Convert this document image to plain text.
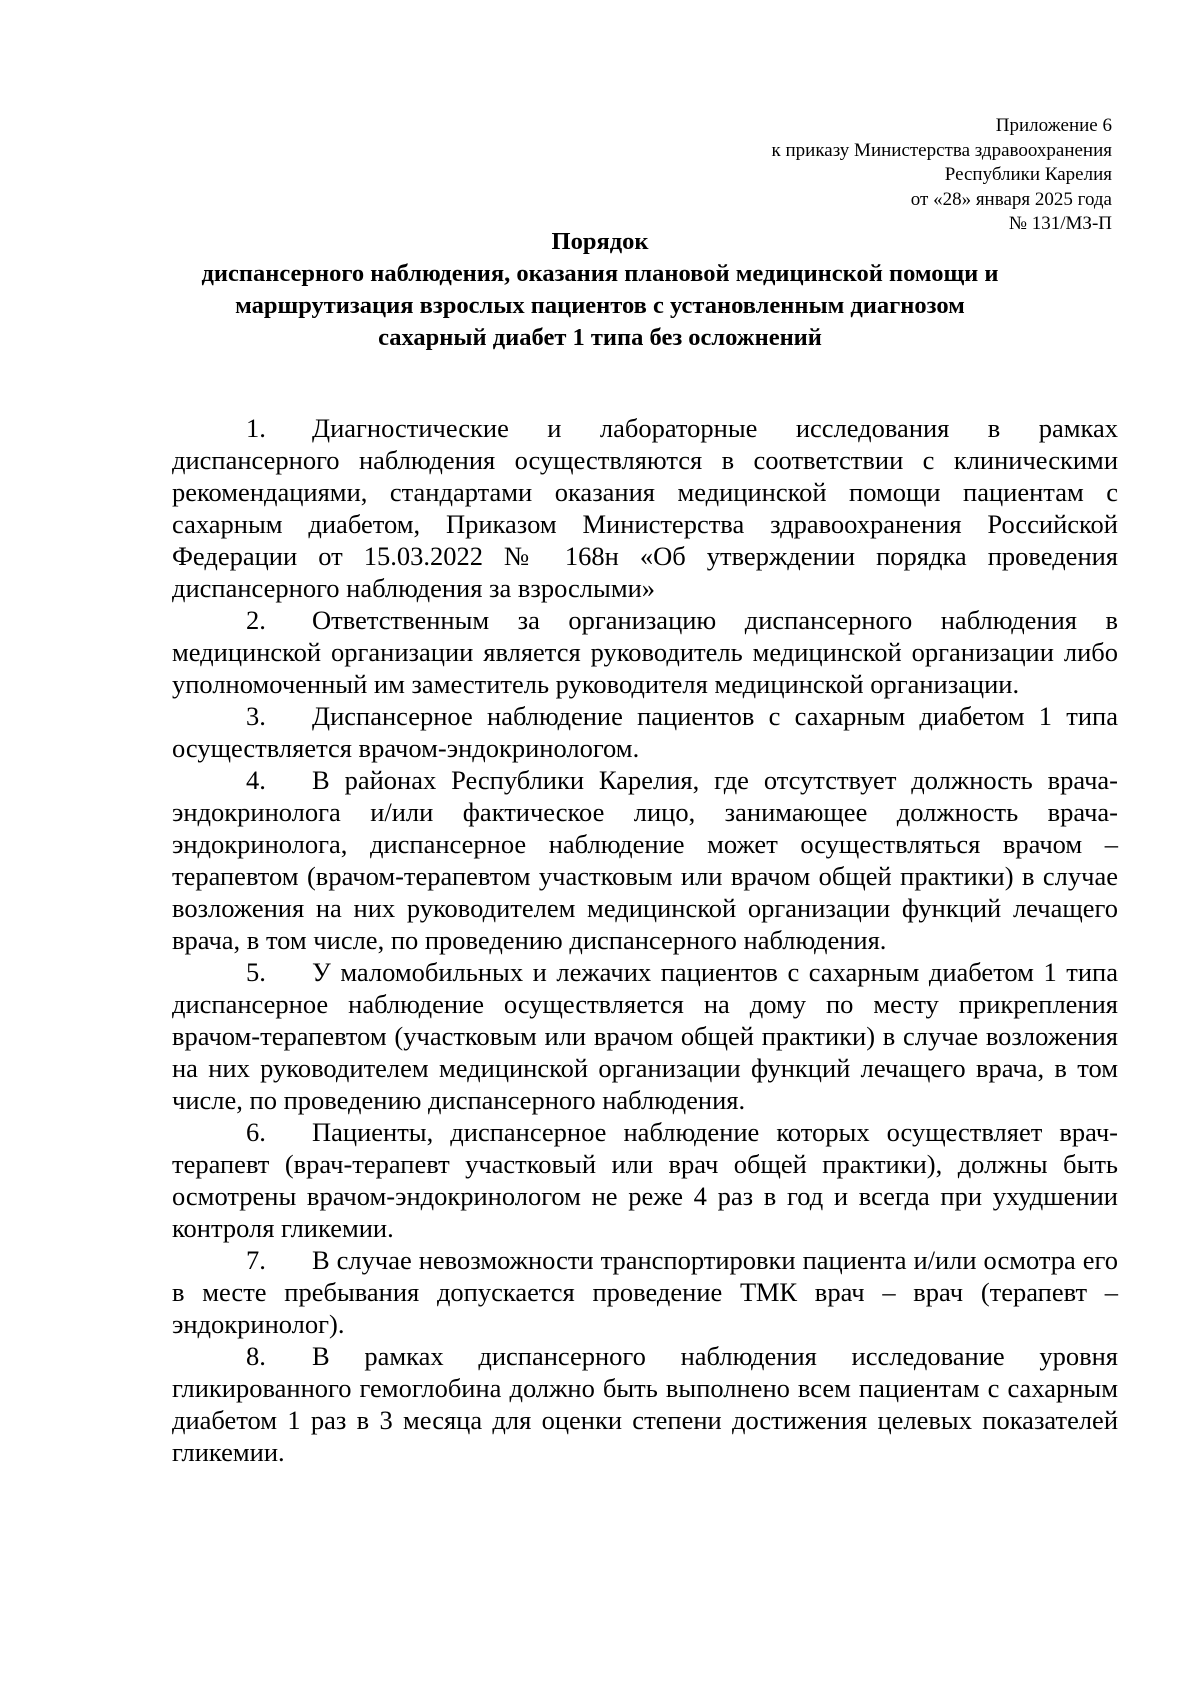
Приложение 6
к приказу Министерства здравоохранения
Республики Карелия
от «28» января 2025 года
№ 131/МЗ-П
Порядок
диспансерного наблюдения, оказания плановой медицинской помощи и
маршрутизация взрослых пациентов с установленным диагнозом
сахарный диабет 1 типа без осложнений

1. Диагностические и лабораторные исследования в рамках диспансерного наблюдения осуществляются в соответствии с клиническими рекомендациями, стандартами оказания медицинской помощи пациентам с сахарным диабетом, Приказом Министерства здравоохранения Российской Федерации от 15.03.2022 № 168н «Об утверждении порядка проведения диспансерного наблюдения за взрослыми»

2. Ответственным за организацию диспансерного наблюдения в медицинской организации является руководитель медицинской организации либо уполномоченный им заместитель руководителя медицинской организации.

3. Диспансерное наблюдение пациентов с сахарным диабетом 1 типа осуществляется врачом-эндокринологом.

4. В районах Республики Карелия, где отсутствует должность врача-эндокринолога и/или фактическое лицо, занимающее должность врача-эндокринолога, диспансерное наблюдение может осуществляться врачом – терапевтом (врачом-терапевтом участковым или врачом общей практики) в случае возложения на них руководителем медицинской организации функций лечащего врача, в том числе, по проведению диспансерного наблюдения.

5. У маломобильных и лежачих пациентов с сахарным диабетом 1 типа диспансерное наблюдение осуществляется на дому по месту прикрепления врачом-терапевтом (участковым или врачом общей практики) в случае возложения на них руководителем медицинской организации функций лечащего врача, в том числе, по проведению диспансерного наблюдения.

6. Пациенты, диспансерное наблюдение которых осуществляет врач-терапевт (врач-терапевт участковый или врач общей практики), должны быть осмотрены врачом-эндокринологом не реже 4 раз в год и всегда при ухудшении контроля гликемии.

7. В случае невозможности транспортировки пациента и/или осмотра его в месте пребывания допускается проведение ТМК врач – врач (терапевт – эндокринолог).

8. В рамках диспансерного наблюдения исследование уровня гликированного гемоглобина должно быть выполнено всем пациентам с сахарным диабетом 1 раз в 3 месяца для оценки степени достижения целевых показателей гликемии.
